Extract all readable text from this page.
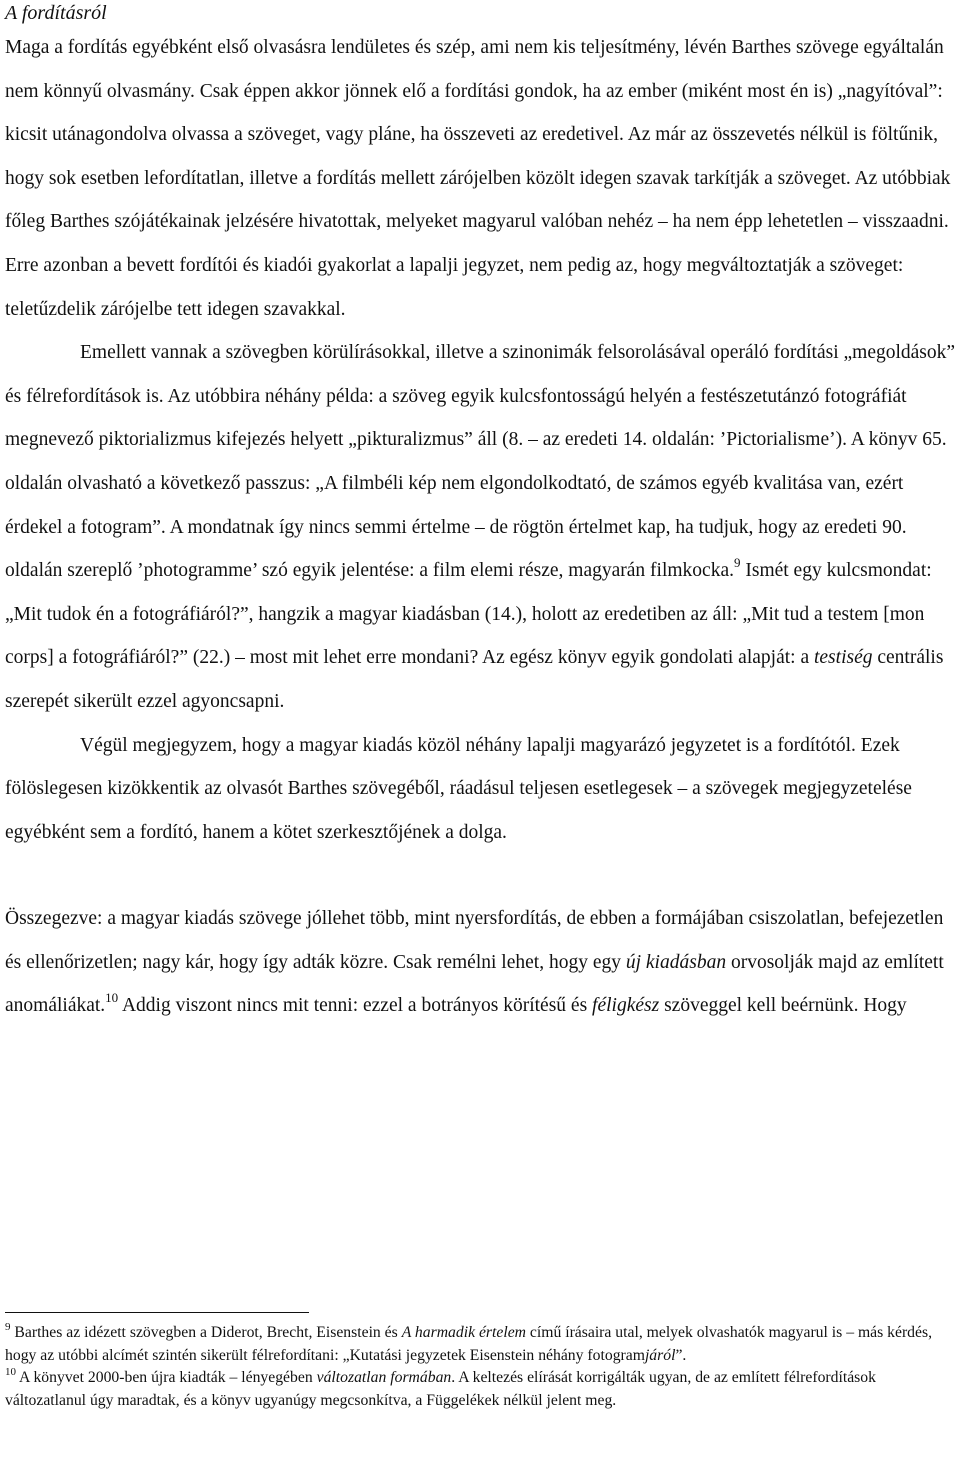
A fordításról

Maga a fordítás egyébként első olvasásra lendületes és szép, ami nem kis teljesítmény, lévén Barthes szövege egyáltalán nem könnyű olvasmány. Csak éppen akkor jönnek elő a fordítási gondok, ha az ember (miként most én is) „nagyítóval”: kicsit utánagondolva olvassa a szöveget, vagy pláne, ha összeveti az eredetivel. Az már az összevetés nélkül is föltűnik, hogy sok esetben lefordítatlan, illetve a fordítás mellett zárójelben közölt idegen szavak tarkítják a szöveget. Az utóbbiak főleg Barthes szójátékainak jelzésére hivatottak, melyeket magyarul valóban nehéz – ha nem épp lehetetlen – visszaadni. Erre azonban a bevett fordítói és kiadói gyakorlat a lapalji jegyzet, nem pedig az, hogy megváltoztatják a szöveget: teletűzdelik zárójelbe tett idegen szavakkal.

Emellett vannak a szövegben körülírásokkal, illetve a szinonimák felsorolásával operáló fordítási „megoldások” és félrefordítások is. Az utóbbira néhány példa: a szöveg egyik kulcsfontosságú helyén a festészetutánzó fotográfiát megnevező piktorializmus kifejezés helyett „pikturalizmus” áll (8. – az eredeti 14. oldalán: ’Pictorialisme’). A könyv 65. oldalán olvasható a következő passzus: „A filmbéli kép nem elgondolkodtató, de számos egyéb kvalitása van, ezért érdekel a fotogram”. A mondatnak így nincs semmi értelme – de rögtön értelmet kap, ha tudjuk, hogy az eredeti 90. oldalán szereplő ’photogramme’ szó egyik jelentése: a film elemi része, magyarán filmkocka.$^9$ Ismét egy kulcsmondat: „Mit tudok én a fotográfiáról?”, hangzik a magyar kiadásban (14.), holott az eredetiben az áll: „Mit tud a testem [mon corps] a fotográfiáról?” (22.) – most mit lehet erre mondani? Az egész könyv egyik gondolati alapját: a testiség centrális szerepét sikerült ezzel agyoncsapni.

Végül megjegyzem, hogy a magyar kiadás közöl néhány lapalji magyarázó jegyzetet is a fordítótól. Ezek fölöslegesen kizökkentik az olvasót Barthes szövegéből, ráadásul teljesen esetlegesek – a szövegek megjegyzetelése egyébként sem a fordító, hanem a kötet szerkesztőjének a dolga.

Összegezve: a magyar kiadás szövege jóllehet több, mint nyersfordítás, de ebben a formájában csiszolatlan, befejezetlen és ellenőrizetlen; nagy kár, hogy így adták közre. Csak remélni lehet, hogy egy új kiadásban orvosolják majd az említett anomáliákat.$^{10}$ Addig viszont nincs mit tenni: ezzel a botrányos körítésű és féligkész szöveggel kell beérnünk. Hogy

$^9$ Barthes az idézett szövegben a Diderot, Brecht, Eisenstein és A harmadik értelem című írásaira utal, melyek olvashatók magyarul is – más kérdés, hogy az utóbbi alcímét szintén sikerült félrefordítani: „Kutatási jegyzetek Eisenstein néhány fotogramjáról”.

$^{10}$ A könyvet 2000-ben újra kiadták – lényegében változatlan formában. A keltezés elírását korrigálták ugyan, de az említett félrefordítások változatlanul úgy maradtak, és a könyv ugyanúgy megcsonkítva, a Függelékek nélkül jelent meg.
